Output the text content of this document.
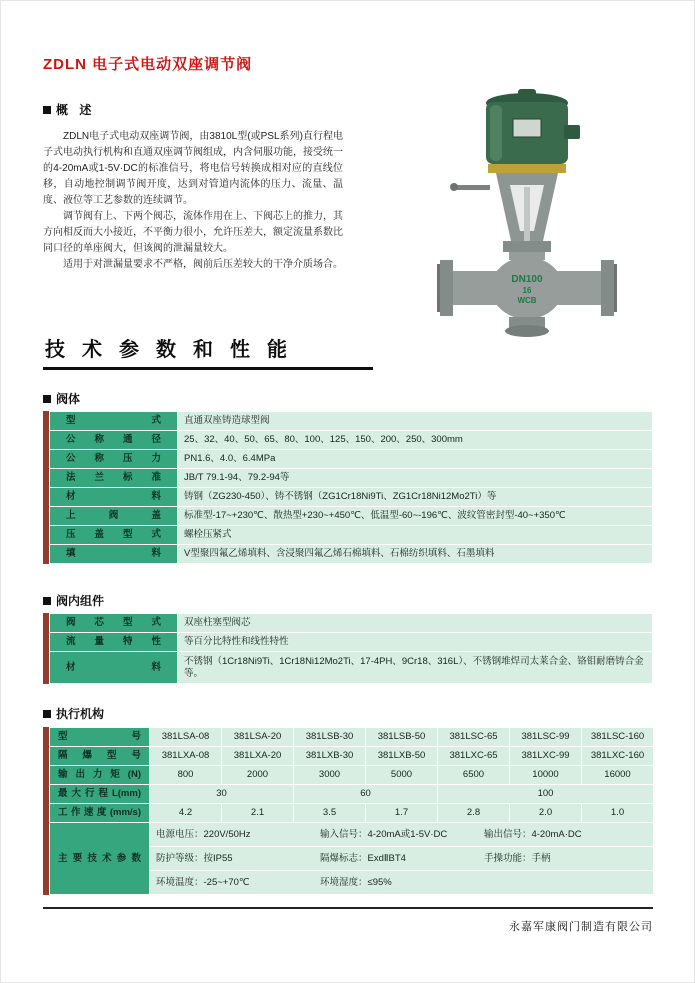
ZDLN 电子式电动双座调节阀
概 述

ZDLN电子式电动双座调节阀，由3810L型(或PSL系列)直行程电子式电动执行机构和直通双座调节阀组成，内含伺服功能，接受统一的4-20mA或1-5V·DC的标准信号，将电信号转换成相对应的直线位移，自动地控制调节阀开度，达到对管道内流体的压力、流量、温度、液位等工艺参数的连续调节。

调节阀有上、下两个阀芯，流体作用在上、下阀芯上的推力，其方向相反而大小接近，不平衡力很小，允许压差大，额定流量系数比同口径的单座阀大，但该阀的泄漏量较大。

适用于对泄漏量要求不严格，阀前后压差较大的干净介质场合。

DN100
16
WCB
技术参数和性能
阀体
型式	直通双座铸造球型阀
公称通径	25、32、40、50、65、80、100、125、150、200、250、300mm
公称压力	PN1.6、4.0、6.4MPa
法兰标准	JB/T 79.1-94、79.2-94等
材料	铸钢（ZG230-450）、铸不锈钢（ZG1Cr18Ni9Ti、ZG1Cr18Ni12Mo2Ti）等
上阀盖	标准型-17~+230℃、散热型+230~+450℃、低温型-60~-196℃、波纹管密封型-40~+350℃
压盖型式	螺栓压紧式
填料	V型聚四氟乙烯填料、含浸聚四氟乙烯石棉填料、石棉纺织填料、石墨填料
阀内组件
阀芯型式	双座柱塞型阀芯
流量特性	等百分比特性和线性特性
材料	不锈钢（1Cr18Ni9Ti、1Cr18Ni12Mo2Ti、17-4PH、9Cr18、316L）、不锈钢堆焊司太莱合金、铬钼耐磨铸合金等。
执行机构
型号	381LSA-08	381LSA-20	381LSB-30	381LSB-50	381LSC-65	381LSC-99	381LSC-160
隔爆型号	381LXA-08	381LXA-20	381LXB-30	381LXB-50	381LXC-65	381LXC-99	381LXC-160
输出力矩(N)	800	2000	3000	5000	6500	10000	16000
最大行程L(mm)	30		60		100		
工作速度(mm/s)	4.2	2.1	3.5	1.7	2.8	2.0	1.0
主要技术参数	电源电压：220V/50Hz 输入信号：4-20mA或1-5V·DC 输出信号：4-20mA·DC						

	防护等级：按IP55 隔爆标志：ExdⅡBT4 手操功能：手柄						

	环境温度：-25~+70℃ 环境湿度：≤95%						
永嘉军康阀门制造有限公司
